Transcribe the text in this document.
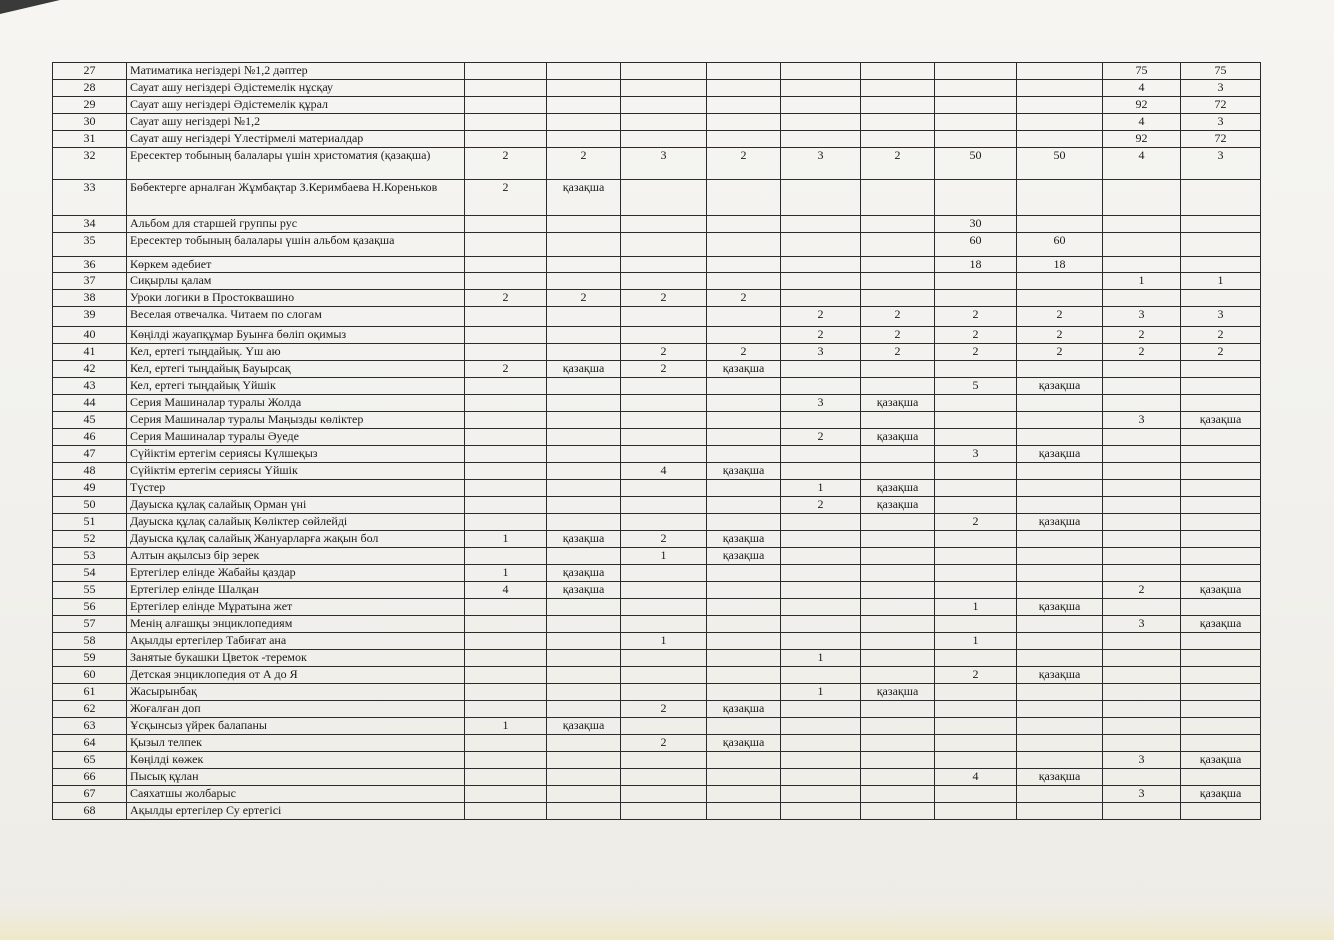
27	Матиматика негіздері №1,2 дәптер									75	75
28	Сауат ашу негіздері Әдістемелік нұсқау									4	3
29	Сауат ашу негіздері Әдістемелік құрал									92	72
30	Сауат ашу негіздері №1,2									4	3
31	Сауат ашу негіздері Үлестірмелі материалдар									92	72
32	Ересектер тобының балалары үшін христоматия (қазақша)	2	2	3	2	3	2	50	50	4	3
33	Бөбектерге арналған Жұмбақтар З.Керимбаева Н.Кореньков	2	қазақша								
34	Альбом для старшей группы рус							30			
35	Ересектер тобының балалары үшін альбом қазақша							60	60		
36	Көркем әдебиет							18	18		
37	Сиқырлы қалам									1	1
38	Уроки логики в Простоквашино	2	2	2	2						
39	Веселая отвечалка. Читаем по слогам					2	2	2	2	3	3
40	Көңілді жауапқұмар Буынға бөліп оқимыз					2	2	2	2	2	2
41	Кел, ертегі тыңдайық. Үш аю			2	2	3	2	2	2	2	2
42	Кел, ертегі тыңдайық Бауырсақ	2	қазақша	2	қазақша						
43	Кел, ертегі тыңдайық Үйшік							5	қазақша		
44	Серия Машиналар туралы Жолда					3	қазақша				
45	Серия Машиналар туралы Маңызды көліктер									3	қазақша
46	Серия Машиналар туралы Әуеде					2	қазақша				
47	Сүйіктім ертегім сериясы Күлшеқыз							3	қазақша		
48	Сүйіктім ертегім сериясы Үйшік			4	қазақша						
49	Түстер					1	қазақша				
50	Дауыска құлақ салайық Орман үні					2	қазақша				
51	Дауыска құлақ салайық Көліктер сөйлейді							2	қазақша		
52	Дауыска құлақ салайық Жануарларға жақын бол	1	қазақша	2	қазақша						
53	Алтын ақылсыз бір зерек			1	қазақша						
54	Ертегілер елінде Жабайы қаздар	1	қазақша								
55	Ертегілер елінде Шалқан	4	қазақша							2	қазақша
56	Ертегілер елінде Мұратына жет							1	қазақша		
57	Менің алғашқы энциклопедиям									3	қазақша
58	Ақылды ертегілер Табиғат ана			1				1			
59	Занятые букашки Цветок -теремок					1					
60	Детская энциклопедия от А до Я							2	қазақша		
61	Жасырынбақ					1	қазақша				
62	Жоғалған доп			2	қазақша						
63	Ұсқынсыз үйрек балапаны	1	қазақша								
64	Қызыл телпек			2	қазақша						
65	Көңілді көжек									3	қазақша
66	Пысық құлан							4	қазақша		
67	Саяхатшы жолбарыс									3	қазақша
68	Ақылды ертегілер Су ертегісі										
